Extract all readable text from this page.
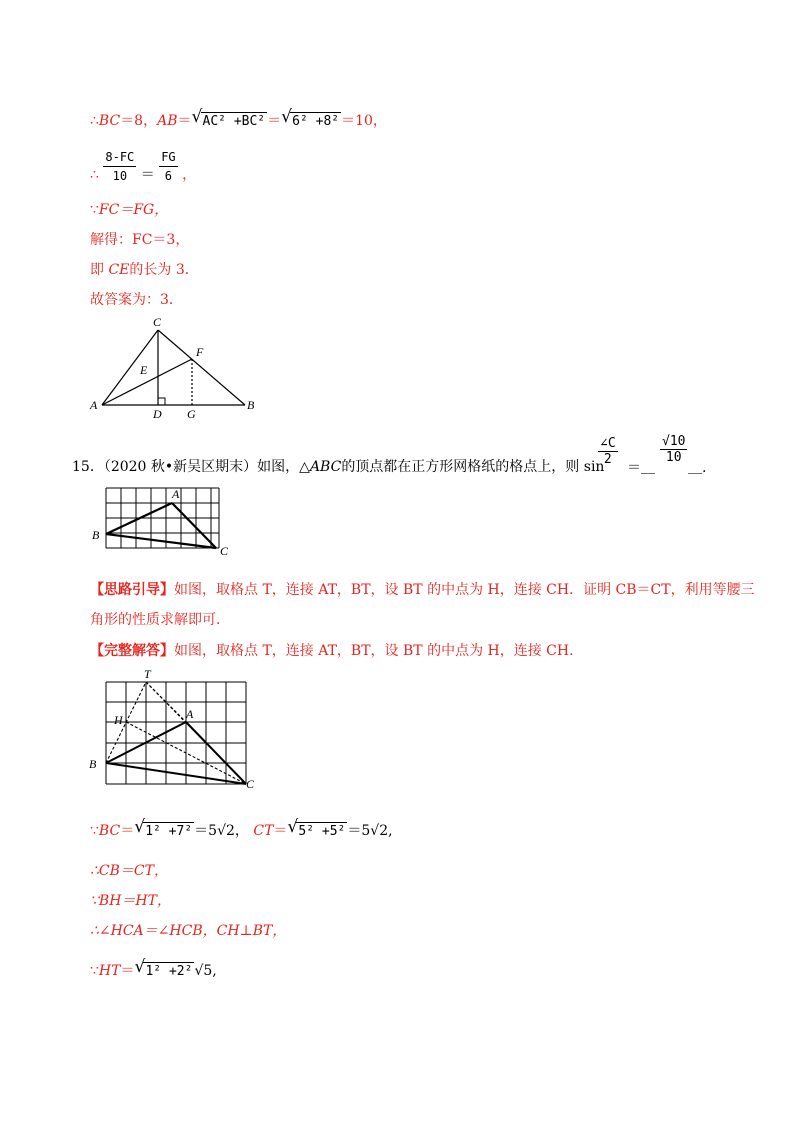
∴BC＝8，AB＝ √ AC² +BC² ＝ √ 6² +8² ＝10，
∴ $\frac{8-FC}{10} = \frac{FG}{6}$ ，
∵FC＝FG，
解得：FC＝3，
即 CE的长为 3．
故答案为：3．
C
F
E
A
D G
B
15．（2020 秋•新吴区期末）如图，△ABC的顶点都在正方形网格纸的格点上，则 sin
$\frac{\angle C}{2}$
＝＿
$\frac{√10}{10}$
＿.
A
B
C
【思路引导】如图，取格点 T，连接 AT，BT，设 BT 的中点为 H，连接 CH．证明 CB＝CT，利用等腰三
角形的性质求解即可.
【完整解答】如图，取格点 T，连接 AT，BT，设 BT 的中点为 H，连接 CH.
T
H	A
B
C
∵BC＝ √ 1² +7² ＝5√2， CT＝ √ 5² +5² ＝5√2,
∴CB＝CT，
∵BH＝HT，
∴∠HCA＝∠HCB，CH⊥BT，
∵HT＝ √ 1² +2² √5,
